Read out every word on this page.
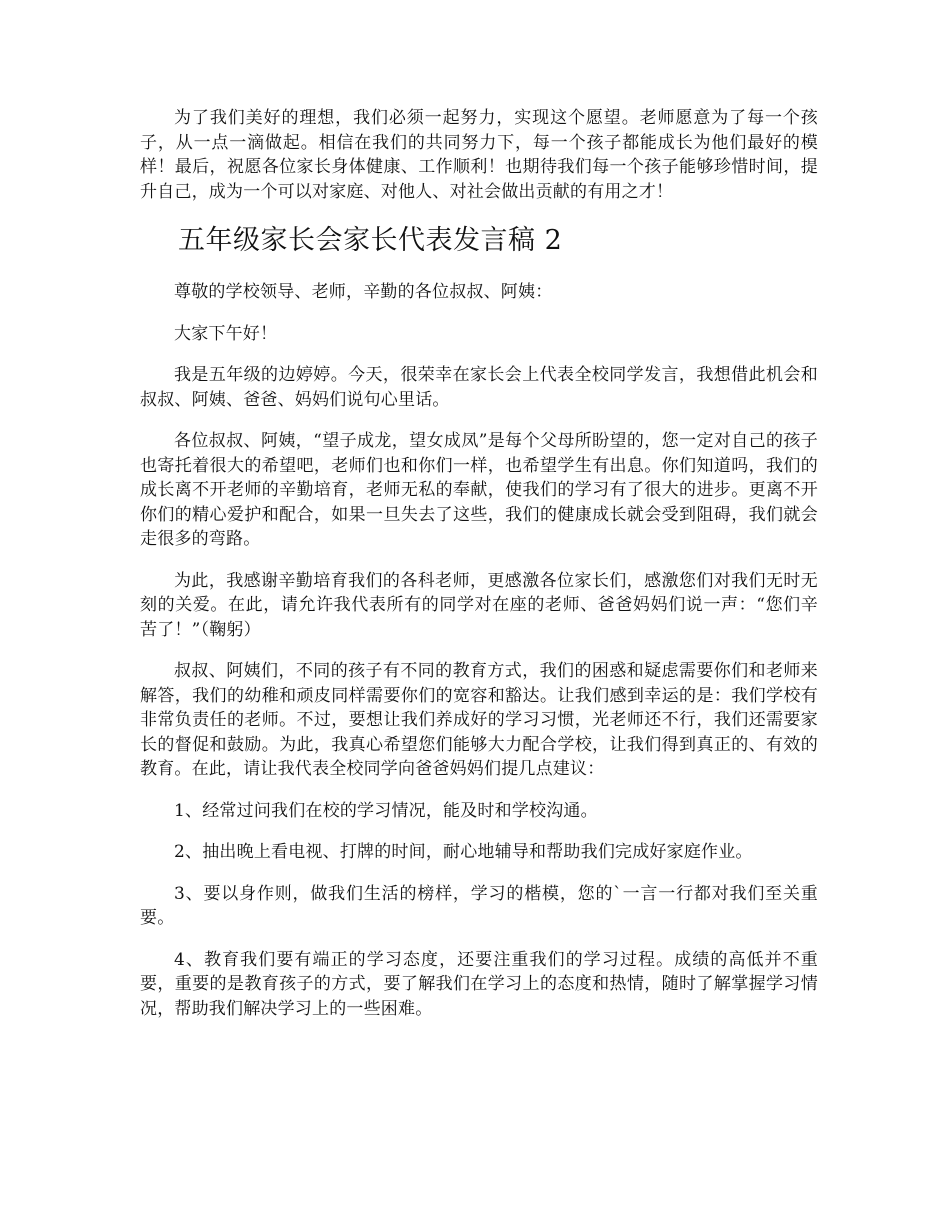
为了我们美好的理想，我们必须一起努力，实现这个愿望。老师愿意为了每一个孩子，从一点一滴做起。相信在我们的共同努力下，每一个孩子都能成长为他们最好的模样！最后，祝愿各位家长身体健康、工作顺利！也期待我们每一个孩子能够珍惜时间，提升自己，成为一个可以对家庭、对他人、对社会做出贡献的有用之才！

五年级家长会家长代表发言稿 2

尊敬的学校领导、老师，辛勤的各位叔叔、阿姨：

大家下午好！

我是五年级的边婷婷。今天，很荣幸在家长会上代表全校同学发言，我想借此机会和叔叔、阿姨、爸爸、妈妈们说句心里话。

各位叔叔、阿姨，“望子成龙，望女成凤”是每个父母所盼望的，您一定对自己的孩子也寄托着很大的希望吧，老师们也和你们一样，也希望学生有出息。你们知道吗，我们的成长离不开老师的辛勤培育，老师无私的奉献，使我们的学习有了很大的进步。更离不开你们的精心爱护和配合，如果一旦失去了这些，我们的健康成长就会受到阻碍，我们就会走很多的弯路。

为此，我感谢辛勤培育我们的各科老师，更感激各位家长们，感激您们对我们无时无刻的关爱。在此，请允许我代表所有的同学对在座的老师、爸爸妈妈们说一声：“您们辛苦了！”（鞠躬）

叔叔、阿姨们，不同的孩子有不同的教育方式，我们的困惑和疑虑需要你们和老师来解答，我们的幼稚和顽皮同样需要你们的宽容和豁达。让我们感到幸运的是：我们学校有非常负责任的老师。不过，要想让我们养成好的学习习惯，光老师还不行，我们还需要家长的督促和鼓励。为此，我真心希望您们能够大力配合学校，让我们得到真正的、有效的教育。在此，请让我代表全校同学向爸爸妈妈们提几点建议：

1、经常过问我们在校的学习情况，能及时和学校沟通。

2、抽出晚上看电视、打牌的时间，耐心地辅导和帮助我们完成好家庭作业。

3、要以身作则，做我们生活的榜样，学习的楷模，您的`一言一行都对我们至关重要。

4、教育我们要有端正的学习态度，还要注重我们的学习过程。成绩的高低并不重要，重要的是教育孩子的方式，要了解我们在学习上的态度和热情，随时了解掌握学习情况，帮助我们解决学习上的一些困难。
